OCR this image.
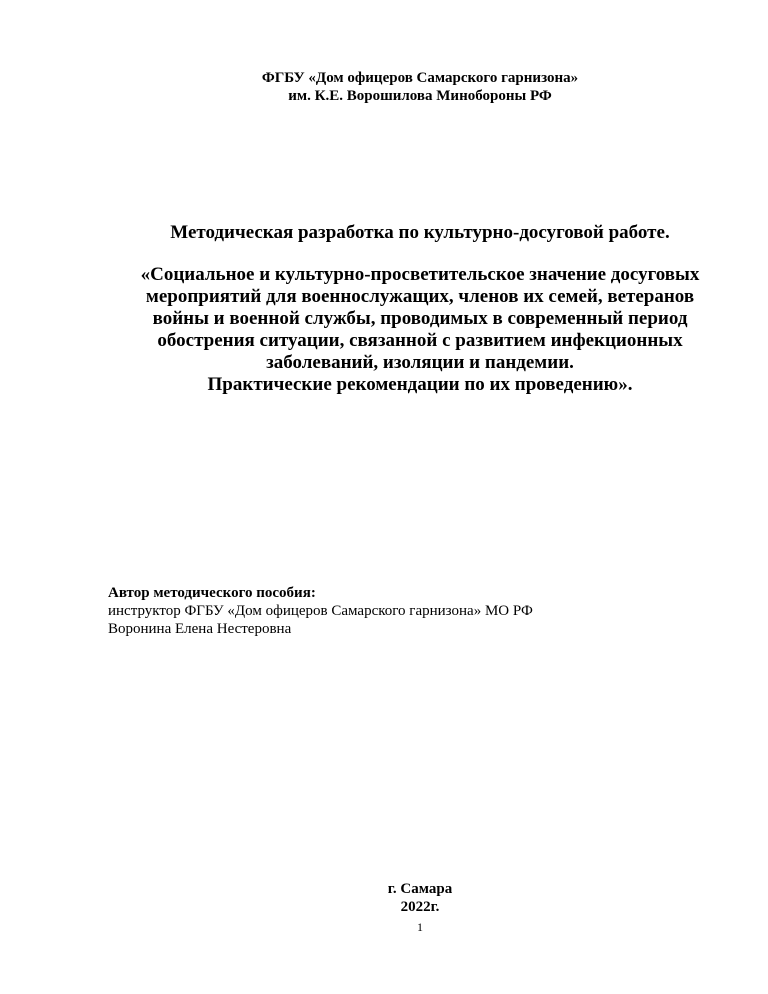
ФГБУ «Дом офицеров Самарского гарнизона»
им. К.Е. Ворошилова Минобороны РФ
Методическая разработка по культурно-досуговой работе.
«Социальное и культурно-просветительское значение досуговых
мероприятий для военнослужащих, членов их семей, ветеранов
войны и военной службы, проводимых в современный период
обострения ситуации, связанной с развитием инфекционных
заболеваний, изоляции и пандемии.
Практические рекомендации по их проведению».
Автор методического пособия:
инструктор ФГБУ «Дом офицеров Самарского гарнизона» МО РФ
Воронина Елена Нестеровна
г. Самара
2022г.
1
